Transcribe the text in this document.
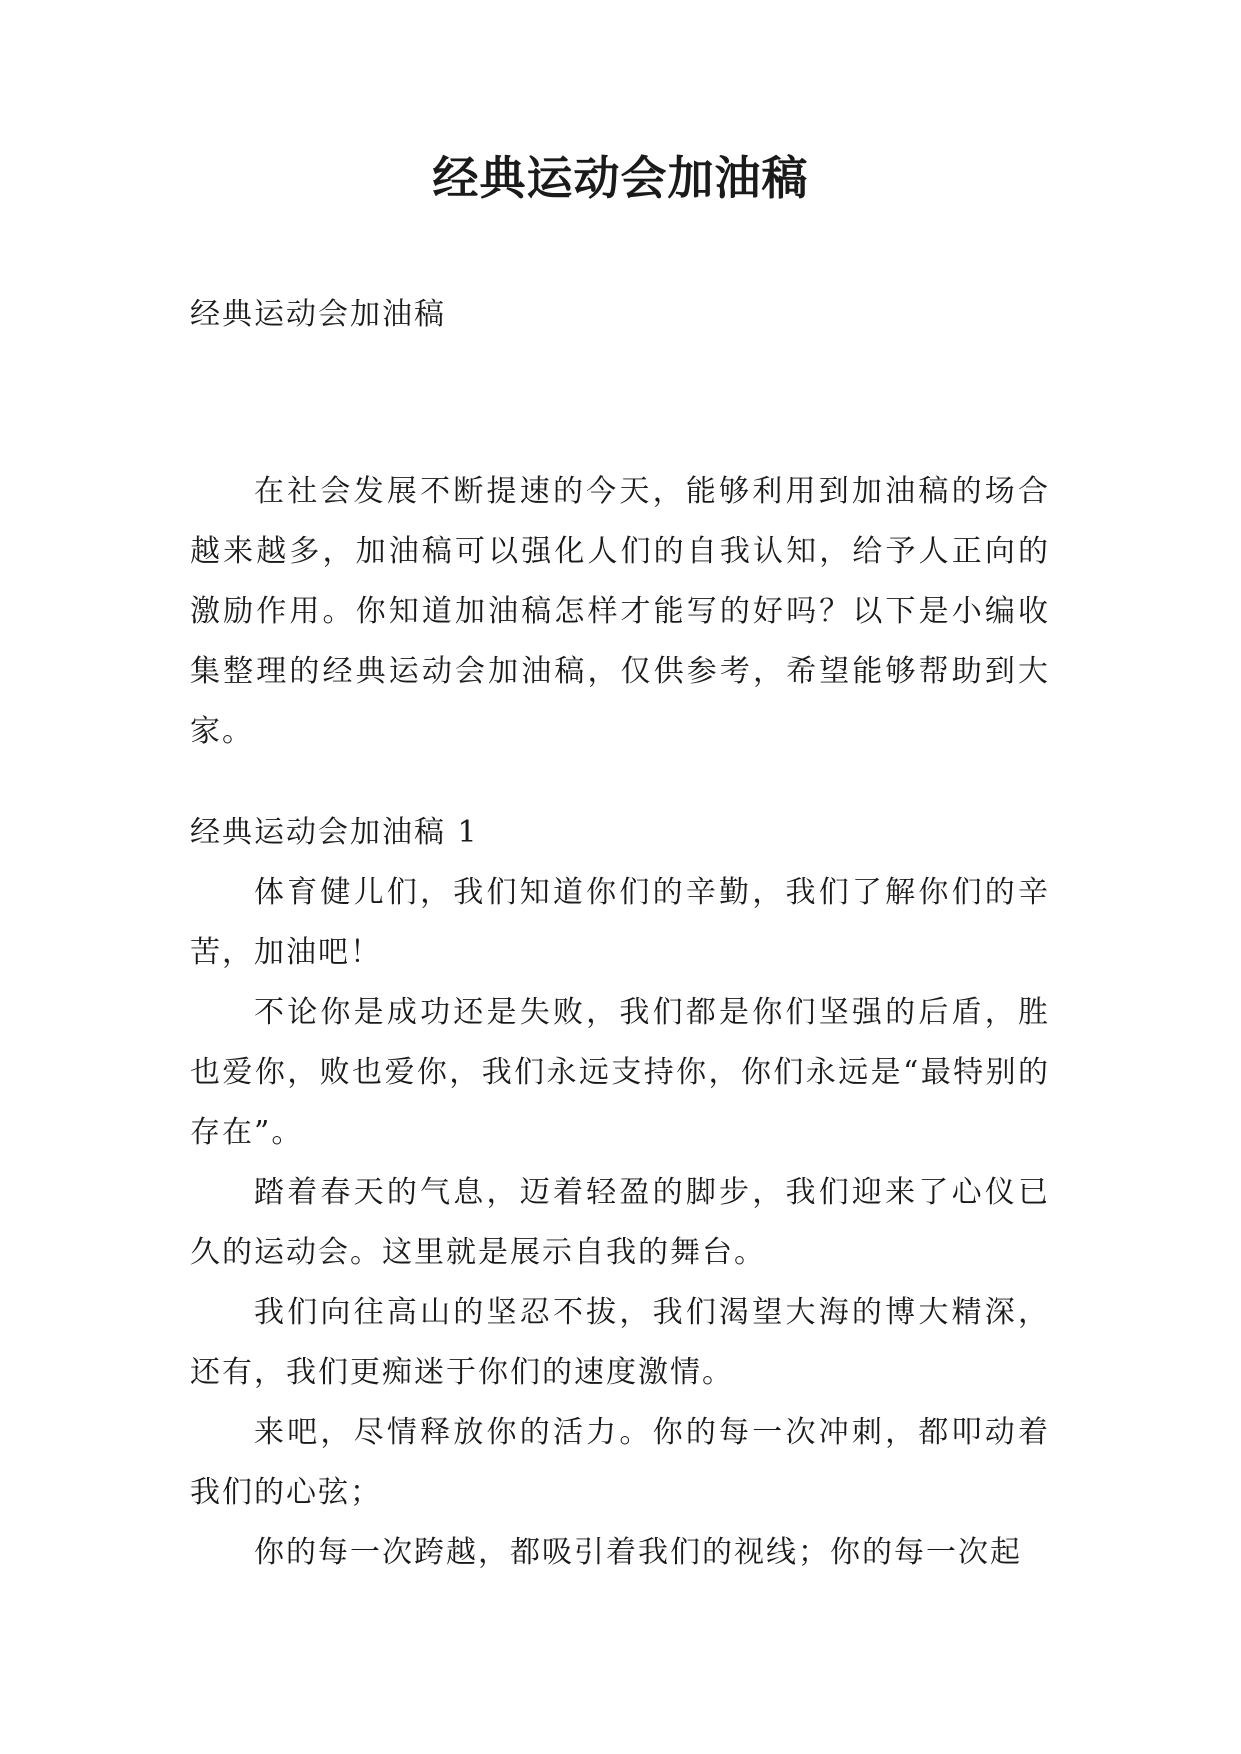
经典运动会加油稿

经典运动会加油稿

在社会发展不断提速的今天，能够利用到加油稿的场合越来越多，加油稿可以强化人们的自我认知，给予人正向的激励作用。你知道加油稿怎样才能写的好吗？以下是小编收集整理的经典运动会加油稿，仅供参考，希望能够帮助到大家。

经典运动会加油稿 1

体育健儿们，我们知道你们的辛勤，我们了解你们的辛苦，加油吧！

不论你是成功还是失败，我们都是你们坚强的后盾，胜也爱你，败也爱你，我们永远支持你，你们永远是“最特别的存在”。

踏着春天的气息，迈着轻盈的脚步，我们迎来了心仪已久的运动会。这里就是展示自我的舞台。

我们向往高山的坚忍不拔，我们渴望大海的博大精深，还有，我们更痴迷于你们的速度激情。

来吧，尽情释放你的活力。你的每一次冲刺，都叩动着我们的心弦；

你的每一次跨越，都吸引着我们的视线；你的每一次起
